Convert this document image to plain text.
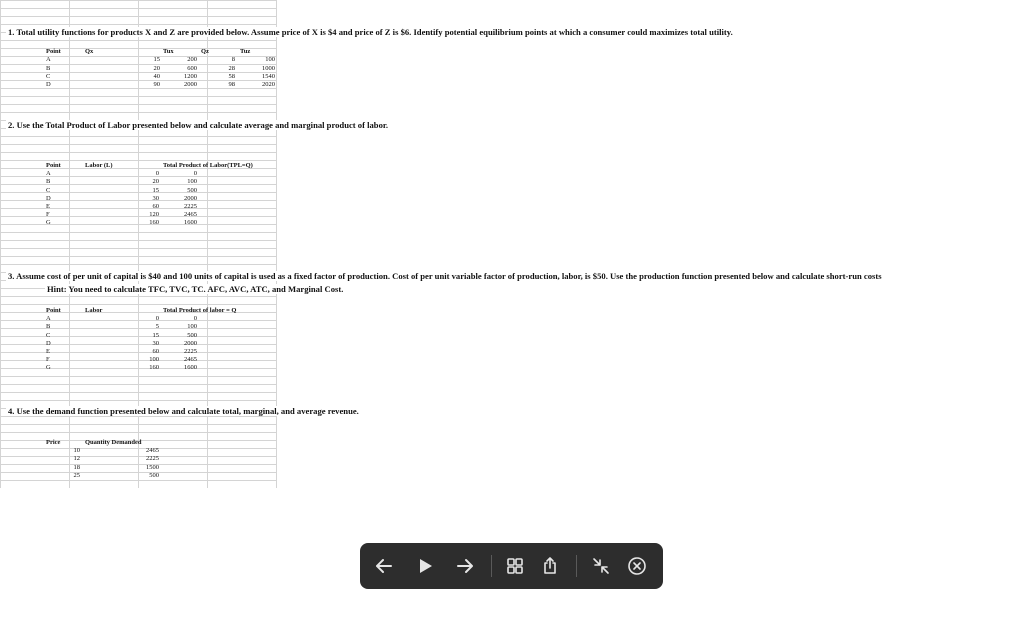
1. Total utility functions for products X and Z are provided below. Assume price of X is $4 and price of Z is $6. Identify potential equilibrium points at which a consumer could maximizes total utility.
2. Use the Total Product of Labor presented below and calculate average and marginal product of labor.
3. Assume cost of per unit of capital is $40 and 100 units of capital is used as a fixed factor of production. Cost of per unit variable factor of production, labor, is $50. Use the production function presented below and calculate short-run costs
Hint: You need to calculate TFC, TVC, TC. AFC, AVC, ATC, and Marginal Cost.
4. Use the demand function presented below and calculate total, marginal, and average revenue.
Point	Qx	Tux	Qz	Tuz
A	15	200	8	100
B	20	600	28	1000
C	40	1200	58	1540
D	90	2000	98	2020
Point	Labor (L)	Total Product of Labor(TPL=Q)
A	0	0
B	20	100
C	15	500
D	30	2000
E	60	2225
F	120	2465
G	160	1600
Point	Labor	Total Product of labor = Q
A	0	0
B	5	100
C	15	500
D	30	2000
E	60	2225
F	100	2465
G	160	1600
Price	Quantity Demanded
10	2465
12	2225
18	1500
25	500
